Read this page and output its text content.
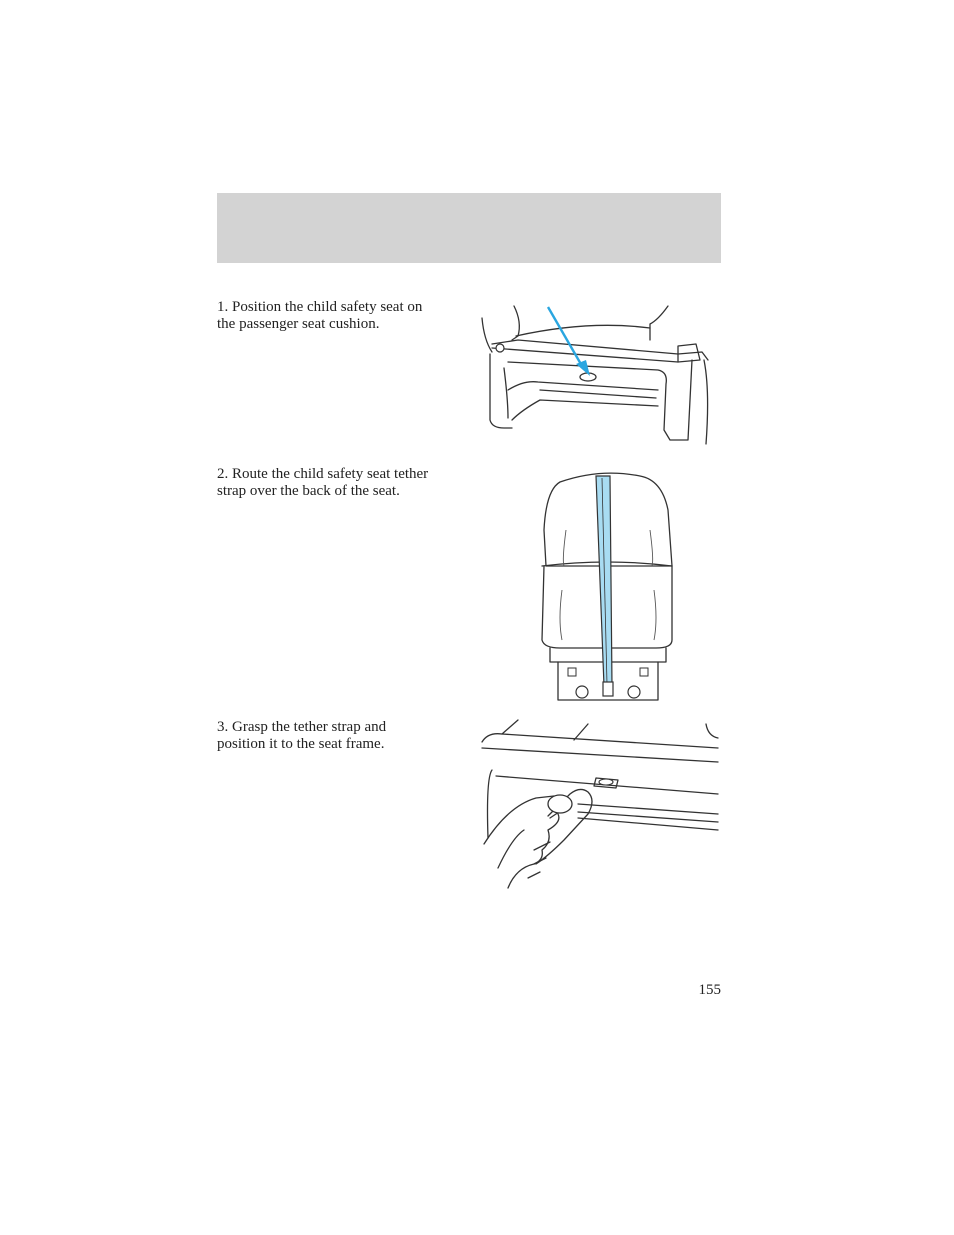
1. Position the child safety seat on
the passenger seat cushion.
2. Route the child safety seat tether
strap over the back of the seat.
3. Grasp the tether strap and
position it to the seat frame.
155
